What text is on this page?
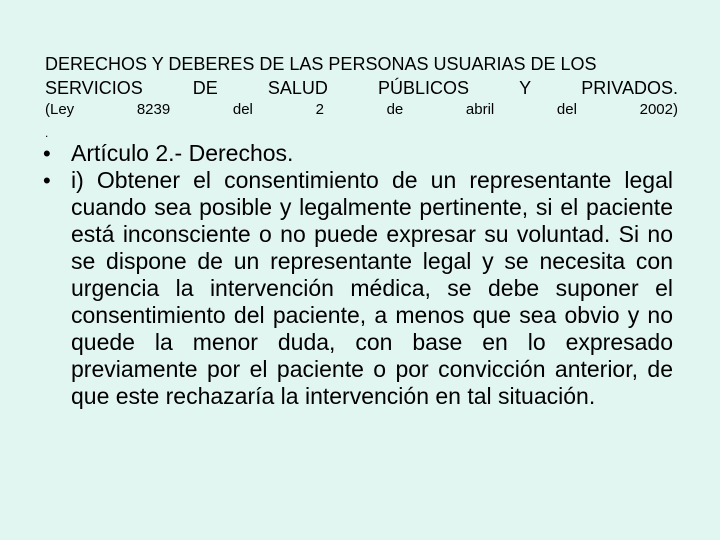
DERECHOS Y DEBERES DE LAS PERSONAS USUARIAS DE LOS
SERVICIOS	DE	SALUD	PÚBLICOS	Y	PRIVADOS.
(Ley	8239	del	2	de	abril	del	2002)
.
• Artículo 2.- Derechos.
• i) Obtener el consentimiento de un representante legal cuando sea posible y legalmente pertinente, si el paciente está inconsciente o no puede expresar su voluntad. Si no se dispone de un representante legal y se necesita con urgencia la intervención médica, se debe suponer el consentimiento del paciente, a menos que sea obvio y no quede la menor duda, con base en lo expresado previamente por el paciente o por convicción anterior, de que este rechazaría la intervención en tal situación.
